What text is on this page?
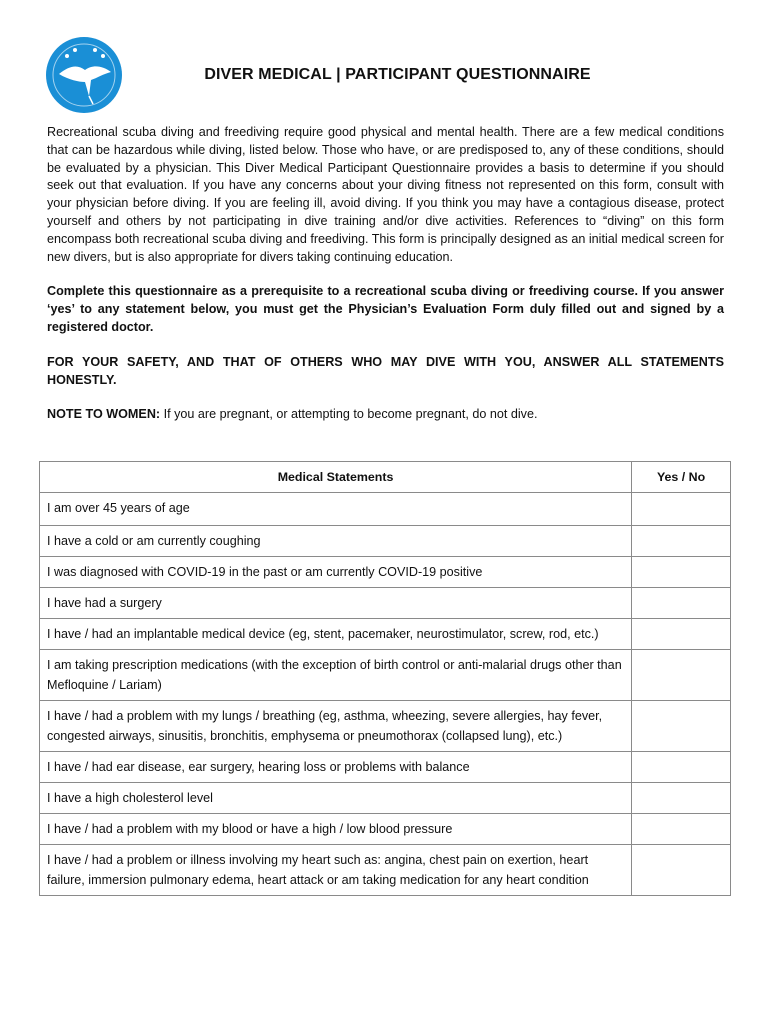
DIVER MEDICAL | PARTICIPANT QUESTIONNAIRE

Recreational scuba diving and freediving require good physical and mental health. There are a few medical conditions that can be hazardous while diving, listed below. Those who have, or are predisposed to, any of these conditions, should be evaluated by a physician. This Diver Medical Participant Questionnaire provides a basis to determine if you should seek out that evaluation. If you have any concerns about your diving fitness not represented on this form, consult with your physician before diving. If you are feeling ill, avoid diving. If you think you may have a contagious disease, protect yourself and others by not participating in dive training and/or dive activities. References to “diving” on this form encompass both recreational scuba diving and freediving. This form is principally designed as an initial medical screen for new divers, but is also appropriate for divers taking continuing education.

Complete this questionnaire as a prerequisite to a recreational scuba diving or freediving course. If you answer ‘yes’ to any statement below, you must get the Physician’s Evaluation Form duly filled out and signed by a registered doctor.

FOR YOUR SAFETY, AND THAT OF OTHERS WHO MAY DIVE WITH YOU, ANSWER ALL STATEMENTS HONESTLY.

NOTE TO WOMEN: If you are pregnant, or attempting to become pregnant, do not dive.

Medical Statements	Yes / No
I am over 45 years of age	
I have a cold or am currently coughing	
I was diagnosed with COVID-19 in the past or am currently COVID-19 positive	
I have had a surgery	
I have / had an implantable medical device (eg, stent, pacemaker, neurostimulator, screw, rod, etc.)	
I am taking prescription medications (with the exception of birth control or anti-malarial drugs other than Mefloquine / Lariam)	
I have / had a problem with my lungs / breathing (eg, asthma, wheezing, severe allergies, hay fever, congested airways, sinusitis, bronchitis, emphysema or pneumothorax (collapsed lung), etc.)	
I have / had ear disease, ear surgery, hearing loss or problems with balance	
I have a high cholesterol level	
I have / had a problem with my blood or have a high / low blood pressure	
I have / had a problem or illness involving my heart such as: angina, chest pain on exertion, heart failure, immersion pulmonary edema, heart attack or am taking medication for any heart condition	
